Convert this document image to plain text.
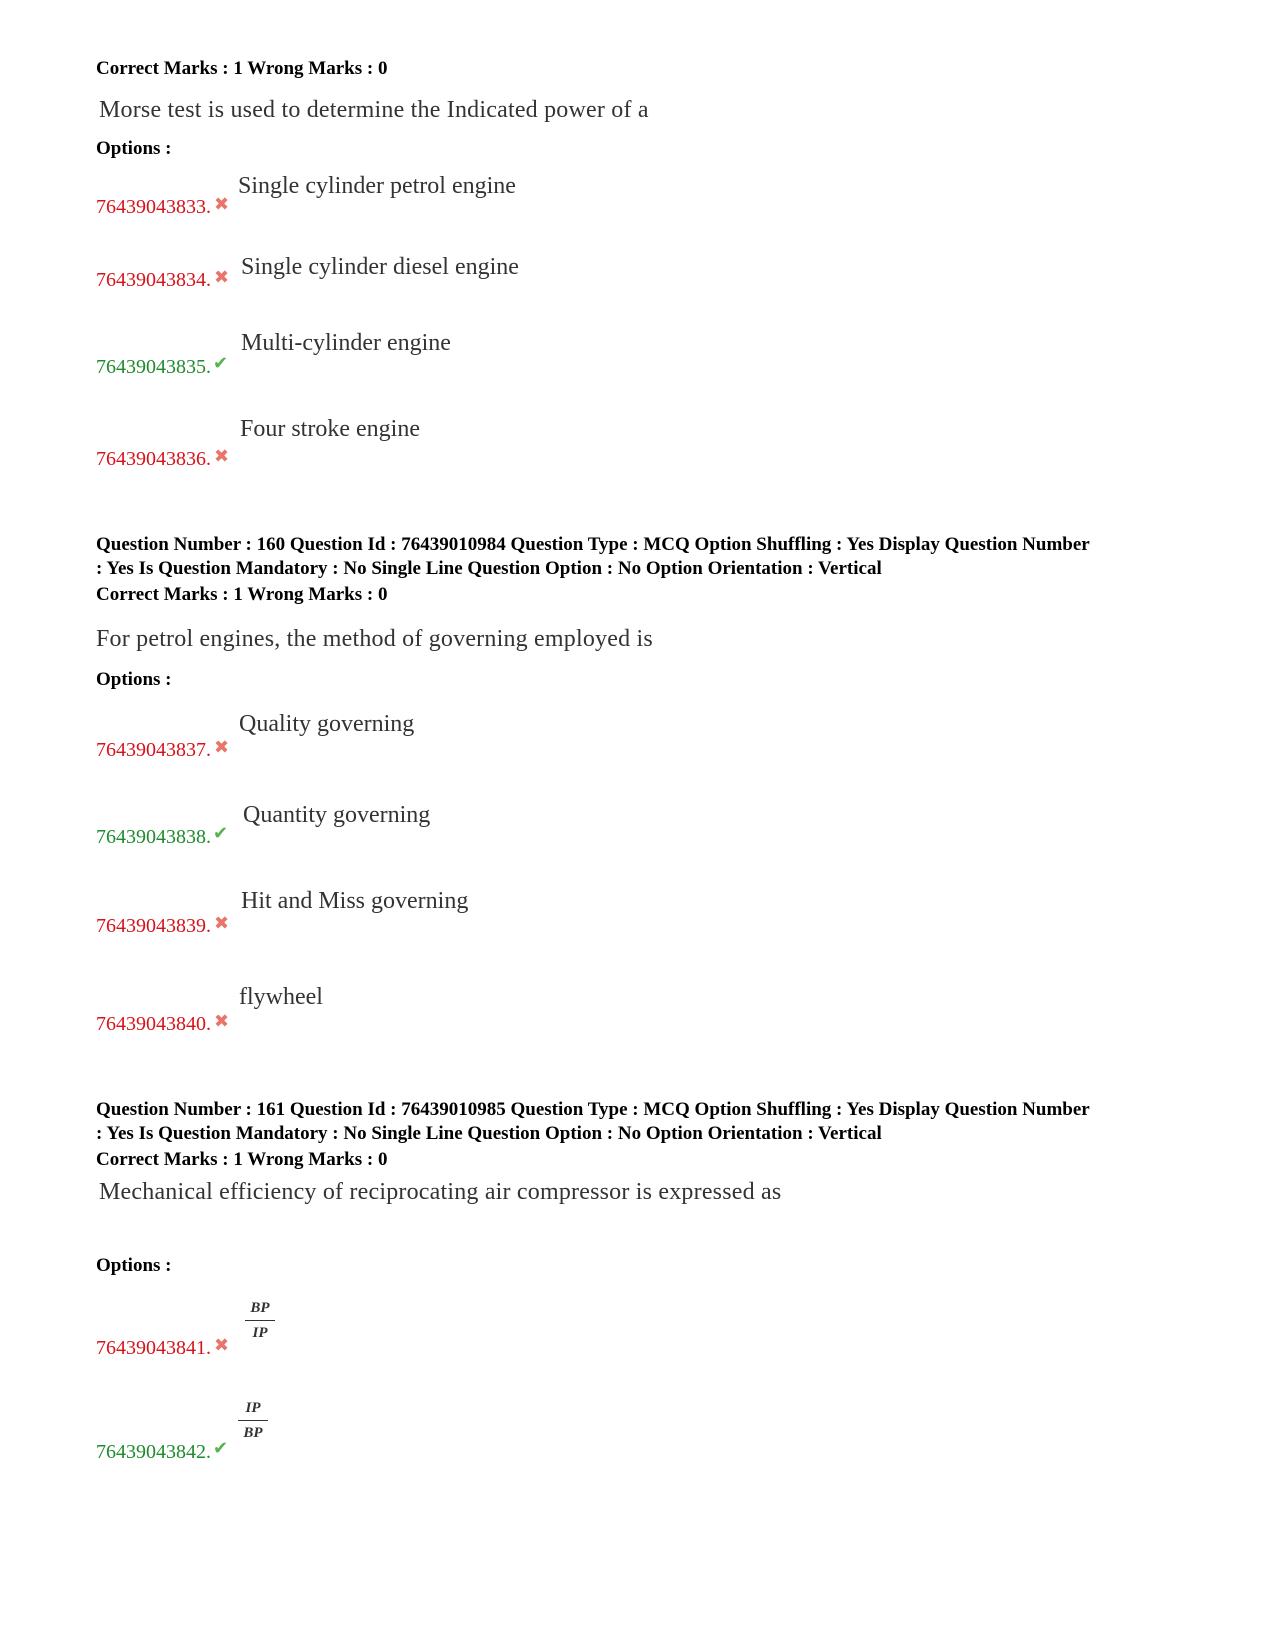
Correct Marks : 1 Wrong Marks : 0
Morse test is used to determine the Indicated power of a
Options :
76439043833. ✖
Single cylinder petrol engine
76439043834. ✖ Single cylinder diesel engine
76439043835. ✔
Multi-cylinder engine
76439043836. ✖
Four stroke engine
Question Number : 160 Question Id : 76439010984 Question Type : MCQ Option Shuffling : Yes Display Question Number
: Yes Is Question Mandatory : No Single Line Question Option : No Option Orientation : Vertical
Correct Marks : 1 Wrong Marks : 0
For petrol engines, the method of governing employed is
Options :
76439043837. ✖
Quality governing
76439043838. ✔
Quantity governing
76439043839. ✖
Hit and Miss governing
76439043840. ✖
flywheel
Question Number : 161 Question Id : 76439010985 Question Type : MCQ Option Shuffling : Yes Display Question Number
: Yes Is Question Mandatory : No Single Line Question Option : No Option Orientation : Vertical
Correct Marks : 1 Wrong Marks : 0
Mechanical efficiency of reciprocating air compressor is expressed as
Options :
76439043841. ✖
$\frac{BP}{IP}$
76439043842. ✔
$\frac{IP}{BP}$
